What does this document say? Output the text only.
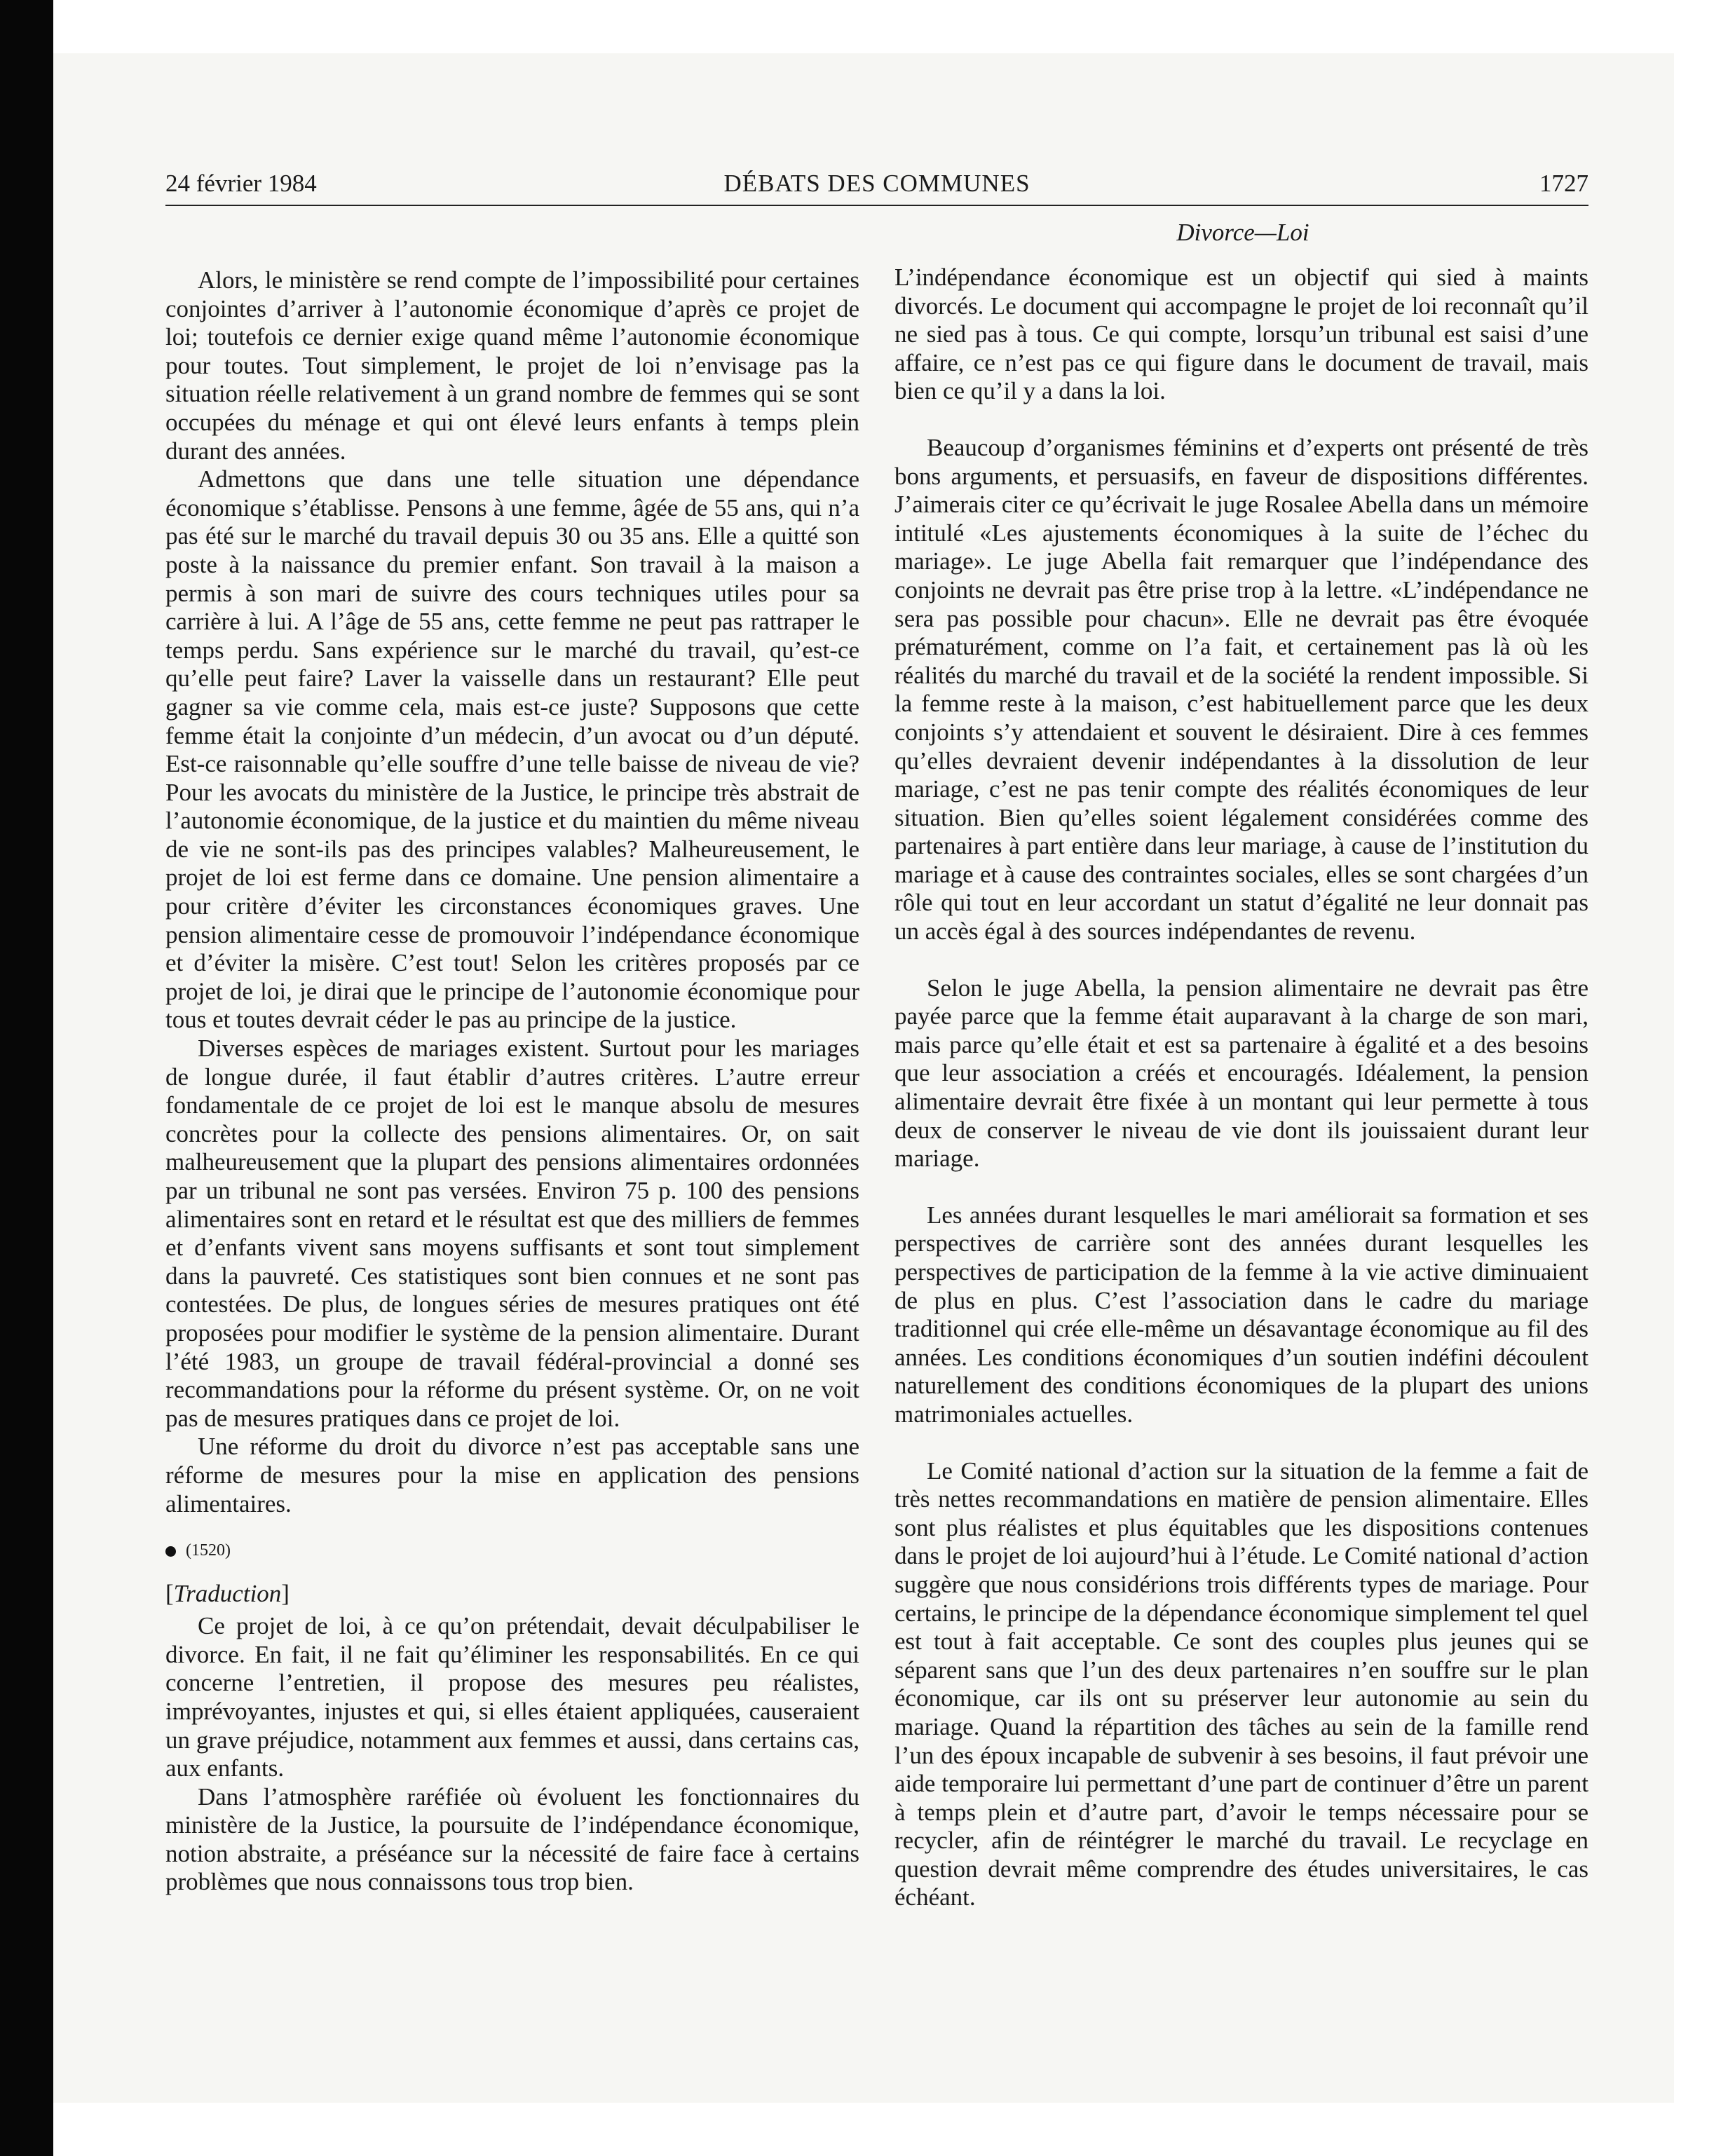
24 février 1984	DÉBATS DES COMMUNES	1727
Divorce—Loi

Alors, le ministère se rend compte de l’impossibilité pour certaines conjointes d’arriver à l’autonomie économique d’après ce projet de loi; toutefois ce dernier exige quand même l’autonomie économique pour toutes. Tout simplement, le projet de loi n’envisage pas la situation réelle relativement à un grand nombre de femmes qui se sont occupées du ménage et qui ont élevé leurs enfants à temps plein durant des années.

Admettons que dans une telle situation une dépendance économique s’établisse. Pensons à une femme, âgée de 55 ans, qui n’a pas été sur le marché du travail depuis 30 ou 35 ans. Elle a quitté son poste à la naissance du premier enfant. Son travail à la maison a permis à son mari de suivre des cours techniques utiles pour sa carrière à lui. A l’âge de 55 ans, cette femme ne peut pas rattraper le temps perdu. Sans expérience sur le marché du travail, qu’est-ce qu’elle peut faire? Laver la vaisselle dans un restaurant? Elle peut gagner sa vie comme cela, mais est-ce juste? Supposons que cette femme était la conjointe d’un médecin, d’un avocat ou d’un député. Est-ce raisonnable qu’elle souffre d’une telle baisse de niveau de vie? Pour les avocats du ministère de la Justice, le principe très abstrait de l’autonomie économique, de la justice et du maintien du même niveau de vie ne sont-ils pas des principes valables? Malheureusement, le projet de loi est ferme dans ce domaine. Une pension alimentaire a pour critère d’éviter les circonstances économiques graves. Une pension alimentaire cesse de promouvoir l’indépendance économique et d’éviter la misère. C’est tout! Selon les critères proposés par ce projet de loi, je dirai que le principe de l’autonomie économique pour tous et toutes devrait céder le pas au principe de la justice.

Diverses espèces de mariages existent. Surtout pour les mariages de longue durée, il faut établir d’autres critères. L’autre erreur fondamentale de ce projet de loi est le manque absolu de mesures concrètes pour la collecte des pensions alimentaires. Or, on sait malheureusement que la plupart des pensions alimentaires ordonnées par un tribunal ne sont pas versées. Environ 75 p. 100 des pensions alimentaires sont en retard et le résultat est que des milliers de femmes et d’enfants vivent sans moyens suffisants et sont tout simplement dans la pauvreté. Ces statistiques sont bien connues et ne sont pas contestées. De plus, de longues séries de mesures pratiques ont été proposées pour modifier le système de la pension alimentaire. Durant l’été 1983, un groupe de travail fédéral-provincial a donné ses recommandations pour la réforme du présent système. Or, on ne voit pas de mesures pratiques dans ce projet de loi.

Une réforme du droit du divorce n’est pas acceptable sans une réforme de mesures pour la mise en application des pensions alimentaires.

(1520)
[Traduction]

Ce projet de loi, à ce qu’on prétendait, devait déculpabiliser le divorce. En fait, il ne fait qu’éliminer les responsabilités. En ce qui concerne l’entretien, il propose des mesures peu réalistes, imprévoyantes, injustes et qui, si elles étaient appliquées, causeraient un grave préjudice, notamment aux femmes et aussi, dans certains cas, aux enfants.

Dans l’atmosphère raréfiée où évoluent les fonctionnaires du ministère de la Justice, la poursuite de l’indépendance économique, notion abstraite, a préséance sur la nécessité de faire face à certains problèmes que nous connaissons tous trop bien.

L’indépendance économique est un objectif qui sied à maints divorcés. Le document qui accompagne le projet de loi reconnaît qu’il ne sied pas à tous. Ce qui compte, lorsqu’un tribunal est saisi d’une affaire, ce n’est pas ce qui figure dans le document de travail, mais bien ce qu’il y a dans la loi.

Beaucoup d’organismes féminins et d’experts ont présenté de très bons arguments, et persuasifs, en faveur de dispositions différentes. J’aimerais citer ce qu’écrivait le juge Rosalee Abella dans un mémoire intitulé «Les ajustements économiques à la suite de l’échec du mariage». Le juge Abella fait remarquer que l’indépendance des conjoints ne devrait pas être prise trop à la lettre. «L’indépendance ne sera pas possible pour chacun». Elle ne devrait pas être évoquée prématurément, comme on l’a fait, et certainement pas là où les réalités du marché du travail et de la société la rendent impossible. Si la femme reste à la maison, c’est habituellement parce que les deux conjoints s’y attendaient et souvent le désiraient. Dire à ces femmes qu’elles devraient devenir indépendantes à la dissolution de leur mariage, c’est ne pas tenir compte des réalités économiques de leur situation. Bien qu’elles soient légalement considérées comme des partenaires à part entière dans leur mariage, à cause de l’institution du mariage et à cause des contraintes sociales, elles se sont chargées d’un rôle qui tout en leur accordant un statut d’égalité ne leur donnait pas un accès égal à des sources indépendantes de revenu.

Selon le juge Abella, la pension alimentaire ne devrait pas être payée parce que la femme était auparavant à la charge de son mari, mais parce qu’elle était et est sa partenaire à égalité et a des besoins que leur association a créés et encouragés. Idéalement, la pension alimentaire devrait être fixée à un montant qui leur permette à tous deux de conserver le niveau de vie dont ils jouissaient durant leur mariage.

Les années durant lesquelles le mari améliorait sa formation et ses perspectives de carrière sont des années durant lesquelles les perspectives de participation de la femme à la vie active diminuaient de plus en plus. C’est l’association dans le cadre du mariage traditionnel qui crée elle-même un désavantage économique au fil des années. Les conditions économiques d’un soutien indéfini découlent naturellement des conditions économiques de la plupart des unions matrimoniales actuelles.

Le Comité national d’action sur la situation de la femme a fait de très nettes recommandations en matière de pension alimentaire. Elles sont plus réalistes et plus équitables que les dispositions contenues dans le projet de loi aujourd’hui à l’étude. Le Comité national d’action suggère que nous considérions trois différents types de mariage. Pour certains, le principe de la dépendance économique simplement tel quel est tout à fait acceptable. Ce sont des couples plus jeunes qui se séparent sans que l’un des deux partenaires n’en souffre sur le plan économique, car ils ont su préserver leur autonomie au sein du mariage. Quand la répartition des tâches au sein de la famille rend l’un des époux incapable de subvenir à ses besoins, il faut prévoir une aide temporaire lui permettant d’une part de continuer d’être un parent à temps plein et d’autre part, d’avoir le temps nécessaire pour se recycler, afin de réintégrer le marché du travail. Le recyclage en question devrait même comprendre des études universitaires, le cas échéant.
